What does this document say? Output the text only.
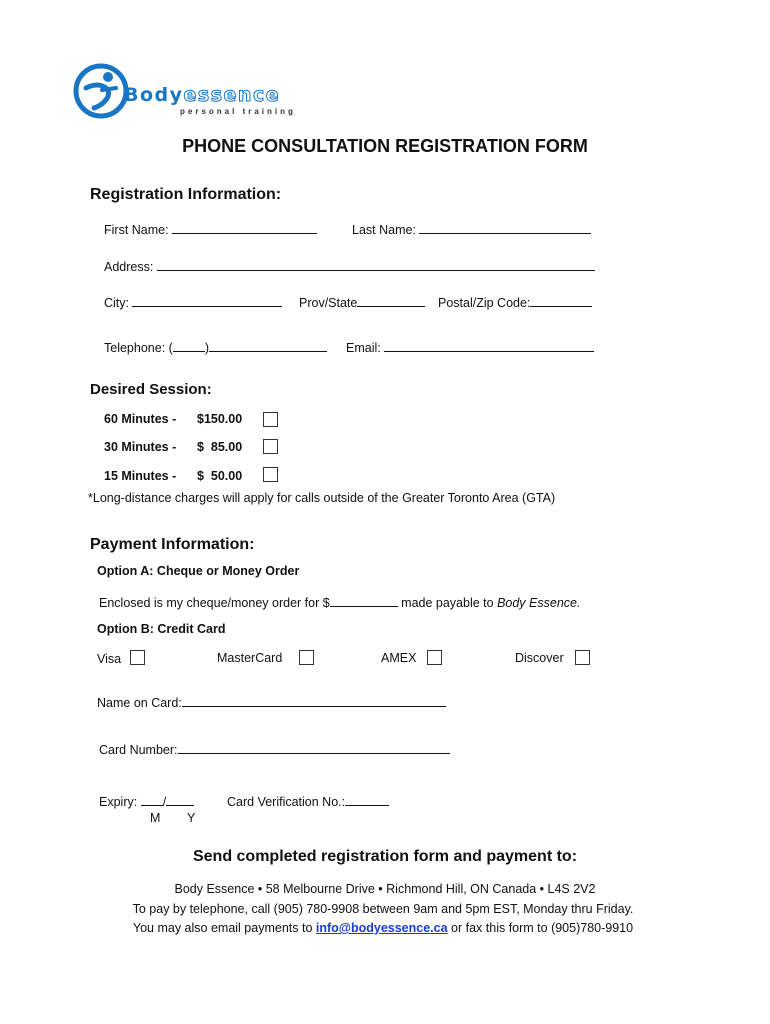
Bodyessence
personal training
PHONE CONSULTATION REGISTRATION FORM
Registration Information:
First Name:	Last Name:
Address:
City:	Prov/State	Postal/Zip Code:
Telephone: (	)	Email:
Desired Session:
60 Minutes - $150.00
30 Minutes - $  85.00
15 Minutes - $  50.00
*Long-distance charges will apply for calls outside of the Greater Toronto Area (GTA)
Payment Information:
Option A: Cheque or Money Order
Enclosed is my cheque/money order for $	made payable to Body Essence.
Option B: Credit Card
Visa	MasterCard	AMEX	Discover
Name on Card:
Card Number:
Expiry: /
M Y
Card Verification No.:
Send completed registration form and payment to:
Body Essence • 58 Melbourne Drive • Richmond Hill, ON Canada • L4S 2V2
To pay by telephone, call (905) 780-9908 between 9am and 5pm EST, Monday thru Friday.
You may also email payments to info@bodyessence.ca or fax this form to (905)780-9910
